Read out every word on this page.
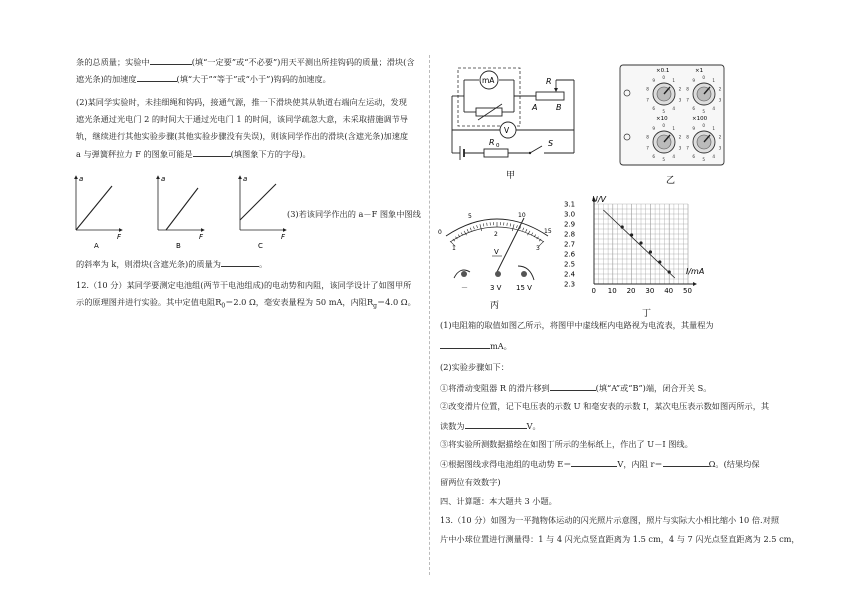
条的总质量；实验中	(填“一定要”或“不必要”)用天平测出所挂钩码的质量；滑块(含
遮光条)的加速度	(填“大于”“等于”或“小于”)钩码的加速度。
(2)某同学实验时，未挂细绳和钩码，接通气源，推一下滑块使其从轨道右端向左运动，发现
遮光条通过光电门 2 的时间大于通过光电门 1 的时间，该同学疏忽大意，未采取措施调节导
轨，继续进行其他实验步骤(其他实验步骤没有失误)，则该同学作出的滑块(含遮光条)加速度
a 与弹簧秤拉力 F 的图象可能是	(填图象下方的字母)。
a
F
A
a
F
B
a
F
C
(3)若该同学作出的 a－F 图象中图线
的斜率为 k，则滑块(含遮光条)的质量为	。
12.（10 分）某同学要测定电池组(两节干电池组成)的电动势和内阻，该同学设计了如图甲所
示的原理图并进行实验。其中定值电阻$R_0=2.0$ Ω，毫安表量程为 50 mA，内阻$R_g=4.0$ Ω。
mA	R
A B
V
R 0	S
甲
0
1
2
3
4
5
6
7
8
9
0
1
2
3
4
5
6
7
8
9
0
1
2
3
4
5
6
7
8
9
0
1
2
3
4
5
6
7
8
9
×0.1	×1
×10	×100
乙
0
5	10
15
1
2
3
V
－	3 V 15 V
丙
0 10 20 30 40 50
2.3
2.4
2.5
2.6
2.7
2.8
2.9
3.0
3.1
U/V
I/mA
丁
(1)电阻箱的取值如图乙所示，将图甲中虚线框内电路视为电流表，其量程为
mA。
(2)实验步骤如下：
①将滑动变阻器 R 的滑片移到	(填“A”或“B”)端，闭合开关 S。
②改变滑片位置，记下电压表的示数 U 和毫安表的示数 I，某次电压表示数如图丙所示，其
读数为	V。
③将实验所测数据描绘在如图丁所示的坐标纸上，作出了 U－I 图线。
④根据图线求得电池组的电动势 E＝	V，内阻 r＝	Ω。(结果均保
留两位有效数字)
四、计算题：本大题共 3 小题。
13.（10 分）如图为一平抛物体运动的闪光照片示意图，照片与实际大小相比缩小 10 倍.对照
片中小球位置进行测量得：1 与 4 闪光点竖直距离为 1.5 cm，4 与 7 闪光点竖直距离为 2.5 cm，
